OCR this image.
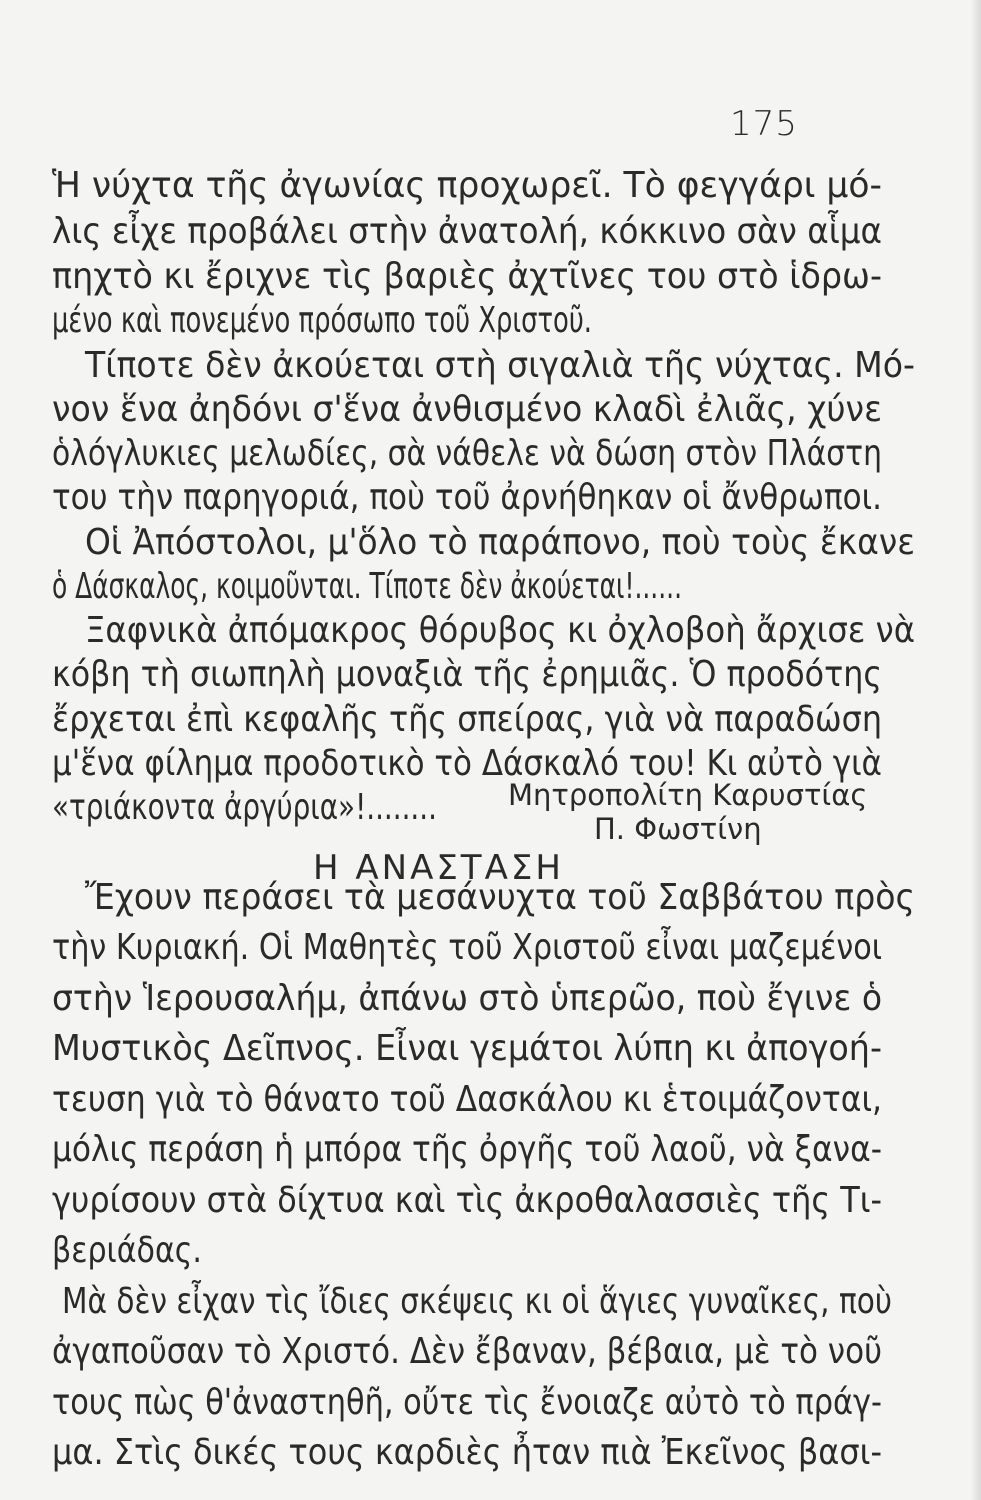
175
Ἡ νύχτα τῆς ἀγωνίας προχωρεῖ. Τὸ φεγγάρι μό-
λις εἶχε προβάλει στὴν ἀνατολή, κόκκινο σὰν αἷμα
πηχτὸ κι ἔριχνε τὶς βαριὲς ἀχτῖνες του στὸ ἱδρω-
μένο καὶ πονεμένο πρόσωπο τοῦ Χριστοῦ.
Τίποτε δὲν ἀκούεται στὴ σιγαλιὰ τῆς νύχτας. Μό-
νον ἕνα ἀηδόνι σ'ἕνα ἀνθισμένο κλαδὶ ἐλιᾶς, χύνε
ὁλόγλυκιες μελωδίες, σὰ νάθελε νὰ δώση στὸν Πλάστη
του τὴν παρηγοριά, ποὺ τοῦ ἀρνήθηκαν οἱ ἄνθρωποι.
Οἱ Ἀπόστολοι, μ'ὅλο τὸ παράπονο, ποὺ τοὺς ἔκανε
ὁ Δάσκαλος, κοιμοῦνται. Τίποτε δὲν ἀκούεται!......
Ξαφνικὰ ἀπόμακρος θόρυβος κι ὀχλοβοὴ ἄρχισε νὰ
κόβη τὴ σιωπηλὴ μοναξιὰ τῆς ἐρημιᾶς. Ὁ προδότης
ἔρχεται ἐπὶ κεφαλῆς τῆς σπείρας, γιὰ νὰ παραδώση
μ'ἕνα φίλημα προδοτικὸ τὸ Δάσκαλό του! Κι αὐτὸ γιὰ
«τριάκοντα ἀργύρια»!........ Μητροπολίτη Καρυστίας
Π. Φωστίνη
Η ΑΝΑΣΤΑΣΗ
Ἔχουν περάσει τὰ μεσάνυχτα τοῦ Σαββάτου πρὸς
τὴν Κυριακή. Οἱ Μαθητὲς τοῦ Χριστοῦ εἶναι μαζεμένοι
στὴν Ἱερουσαλήμ, ἀπάνω στὸ ὑπερῶο, ποὺ ἔγινε ὁ
Μυστικὸς Δεῖπνος. Εἶναι γεμάτοι λύπη κι ἀπογοή-
τευση γιὰ τὸ θάνατο τοῦ Δασκάλου κι ἑτοιμάζονται,
μόλις περάση ἡ μπόρα τῆς ὀργῆς τοῦ λαοῦ, νὰ ξανα-
γυρίσουν στὰ δίχτυα καὶ τὶς ἀκροθαλασσιὲς τῆς Τι-
βεριάδας.
Μὰ δὲν εἶχαν τὶς ἴδιες σκέψεις κι οἱ ἅγιες γυναῖκες, ποὺ
ἀγαποῦσαν τὸ Χριστό. Δὲν ἔβαναν, βέβαια, μὲ τὸ νοῦ
τους πὼς θ'ἀναστηθῆ, οὔτε τὶς ἔνοιαζε αὐτὸ τὸ πράγ-
μα. Στὶς δικές τους καρδιὲς ἦταν πιὰ Ἐκεῖνος βασι-
